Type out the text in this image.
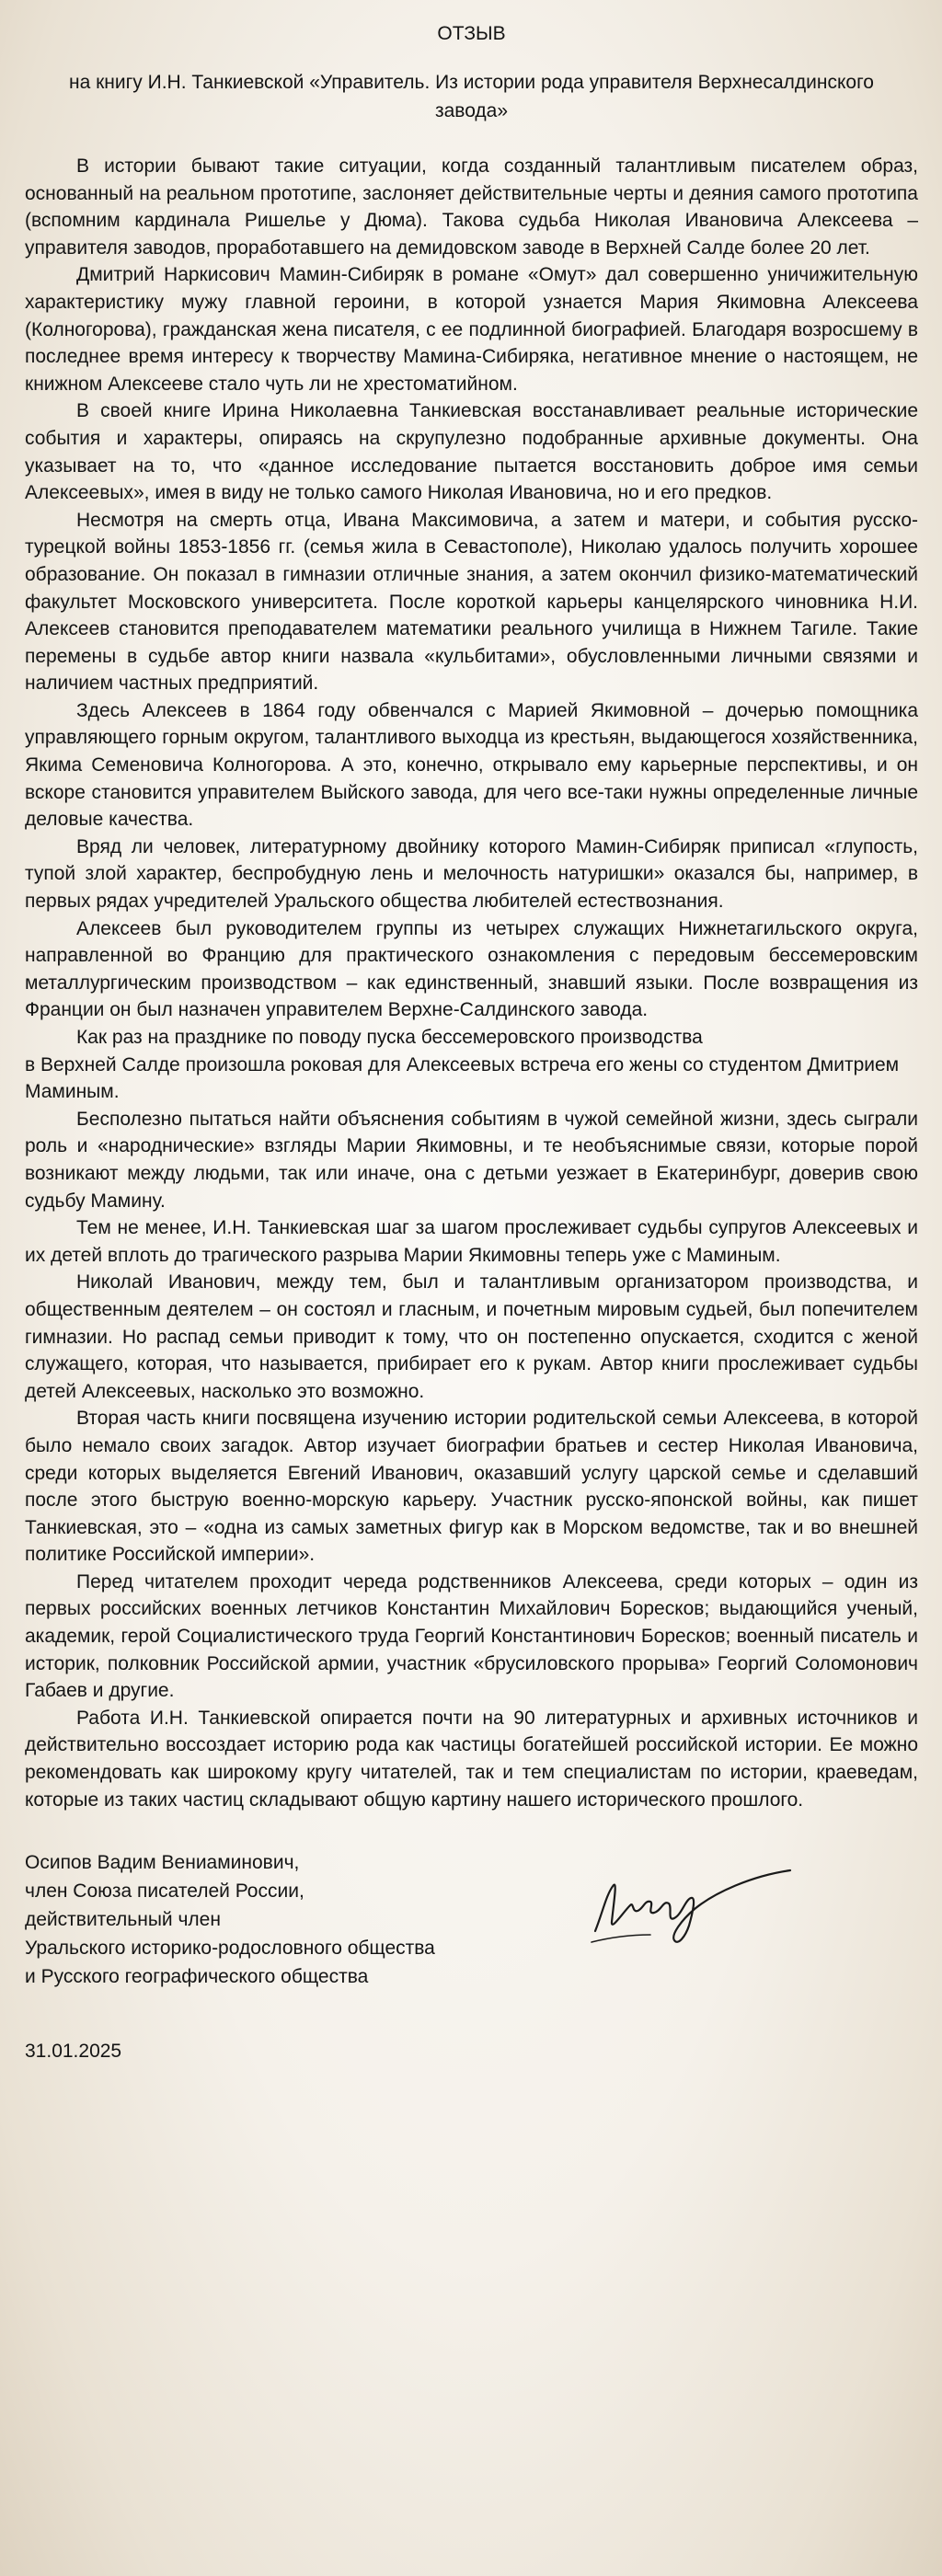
ОТЗЫВ
на книгу И.Н. Танкиевской «Управитель. Из истории рода управителя Верхнесалдинского завода»

В истории бывают такие ситуации, когда созданный талантливым писателем образ, основанный на реальном прототипе, заслоняет действительные черты и деяния самого прототипа (вспомним кардинала Ришелье у Дюма). Такова судьба Николая Ивановича Алексеева – управителя заводов, проработавшего на демидовском заводе в Верхней Салде более 20 лет.

Дмитрий Наркисович Мамин-Сибиряк в романе «Омут» дал совершенно уничижительную характеристику мужу главной героини, в которой узнается Мария Якимовна Алексеева (Колногорова), гражданская жена писателя, с ее подлинной биографией. Благодаря возросшему в последнее время интересу к творчеству Мамина-Сибиряка, негативное мнение о настоящем, не книжном Алексееве стало чуть ли не хрестоматийном.

В своей книге Ирина Николаевна Танкиевская восстанавливает реальные исторические события и характеры, опираясь на скрупулезно подобранные архивные документы. Она указывает на то, что «данное исследование пытается восстановить доброе имя семьи Алексеевых», имея в виду не только самого Николая Ивановича, но и его предков.

Несмотря на смерть отца, Ивана Максимовича, а затем и матери, и события русско-турецкой войны 1853-1856 гг. (семья жила в Севастополе), Николаю удалось получить хорошее образование. Он показал в гимназии отличные знания, а затем окончил физико-математический факультет Московского университета. После короткой карьеры канцелярского чиновника Н.И. Алексеев становится преподавателем математики реального училища в Нижнем Тагиле. Такие перемены в судьбе автор книги назвала «кульбитами», обусловленными личными связями и наличием частных предприятий.

Здесь Алексеев в 1864 году обвенчался с Марией Якимовной – дочерью помощника управляющего горным округом, талантливого выходца из крестьян, выдающегося хозяйственника, Якима Семеновича Колногорова. А это, конечно, открывало ему карьерные перспективы, и он вскоре становится управителем Выйского завода, для чего все-таки нужны определенные личные деловые качества.

Вряд ли человек, литературному двойнику которого Мамин-Сибиряк приписал «глупость, тупой злой характер, беспробудную лень и мелочность натуришки» оказался бы, например, в первых рядах учредителей Уральского общества любителей естествознания.

Алексеев был руководителем группы из четырех служащих Нижнетагильского округа, направленной во Францию для практического ознакомления с передовым бессемеровским металлургическим производством – как единственный, знавший языки. После возвращения из Франции он был назначен управителем Верхне-Салдинского завода.

Как раз на празднике по поводу пуска бессемеровского производства

в Верхней Салде произошла роковая для Алексеевых встреча его жены со студентом Дмитрием Маминым.

Бесполезно пытаться найти объяснения событиям в чужой семейной жизни, здесь сыграли роль и «народнические» взгляды Марии Якимовны, и те необъяснимые связи, которые порой возникают между людьми, так или иначе, она с детьми уезжает в Екатеринбург, доверив свою судьбу Мамину.

Тем не менее, И.Н. Танкиевская шаг за шагом прослеживает судьбы супругов Алексеевых и их детей вплоть до трагического разрыва Марии Якимовны теперь уже с Маминым.

Николай Иванович, между тем, был и талантливым организатором производства, и общественным деятелем – он состоял и гласным, и почетным мировым судьей, был попечителем гимназии. Но распад семьи приводит к тому, что он постепенно опускается, сходится с женой служащего, которая, что называется, прибирает его к рукам. Автор книги прослеживает судьбы детей Алексеевых, насколько это возможно.

Вторая часть книги посвящена изучению истории родительской семьи Алексеева, в которой было немало своих загадок. Автор изучает биографии братьев и сестер Николая Ивановича, среди которых выделяется Евгений Иванович, оказавший услугу царской семье и сделавший после этого быструю военно-морскую карьеру. Участник русско-японской войны, как пишет Танкиевская, это – «одна из самых заметных фигур как в Морском ведомстве, так и во внешней политике Российской империи».

Перед читателем проходит череда родственников Алексеева, среди которых – один из первых российских военных летчиков Константин Михайлович Боресков; выдающийся ученый, академик, герой Социалистического труда Георгий Константинович Боресков; военный писатель и историк, полковник Российской армии, участник «брусиловского прорыва» Георгий Соломонович Габаев и другие.

Работа И.Н. Танкиевской опирается почти на 90 литературных и архивных источников и действительно воссоздает историю рода как частицы богатейшей российской истории. Ее можно рекомендовать как широкому кругу читателей, так и тем специалистам по истории, краеведам, которые из таких частиц складывают общую картину нашего исторического прошлого.

Осипов Вадим Вениаминович,
член Союза писателей России,
действительный член
Уральского историко-родословного общества
и Русского географического общества
31.01.2025
